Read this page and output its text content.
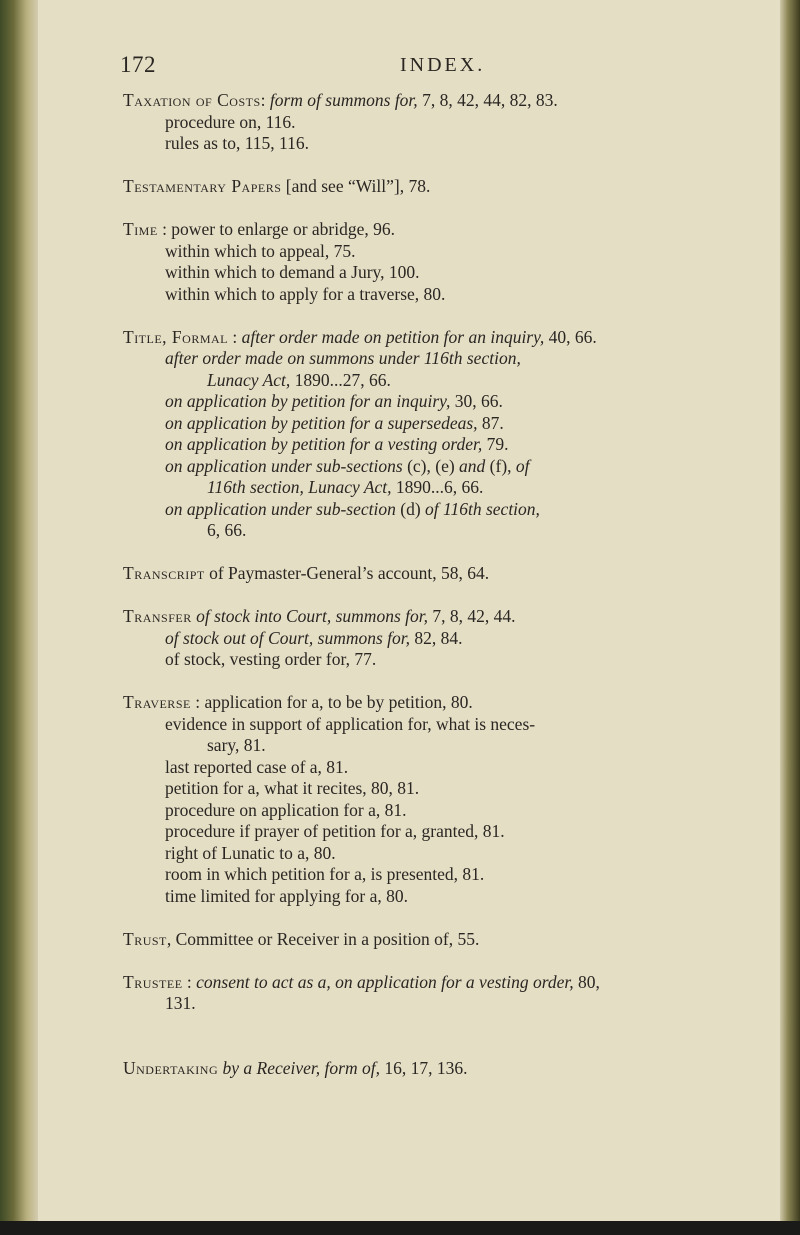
172	INDEX.
Taxation of Costs: form of summons for, 7, 8, 42, 44, 82, 83.
procedure on, 116.
rules as to, 115, 116.
Testamentary Papers [and see “Will”], 78.
Time : power to enlarge or abridge, 96.
within which to appeal, 75.
within which to demand a Jury, 100.
within which to apply for a traverse, 80.
Title, Formal : after order made on petition for an inquiry, 40, 66.
after order made on summons under 116th section,
Lunacy Act, 1890...27, 66.
on application by petition for an inquiry, 30, 66.
on application by petition for a supersedeas, 87.
on application by petition for a vesting order, 79.
on application under sub-sections (c), (e) and (f), of
116th section, Lunacy Act, 1890...6, 66.
on application under sub-section (d) of 116th section,
6, 66.
Transcript of Paymaster-General’s account, 58, 64.
Transfer of stock into Court, summons for, 7, 8, 42, 44.
of stock out of Court, summons for, 82, 84.
of stock, vesting order for, 77.
Traverse : application for a, to be by petition, 80.
evidence in support of application for, what is neces-
sary, 81.
last reported case of a, 81.
petition for a, what it recites, 80, 81.
procedure on application for a, 81.
procedure if prayer of petition for a, granted, 81.
right of Lunatic to a, 80.
room in which petition for a, is presented, 81.
time limited for applying for a, 80.
Trust, Committee or Receiver in a position of, 55.
Trustee : consent to act as a, on application for a vesting order, 80,
131.
Undertaking by a Receiver, form of, 16, 17, 136.
